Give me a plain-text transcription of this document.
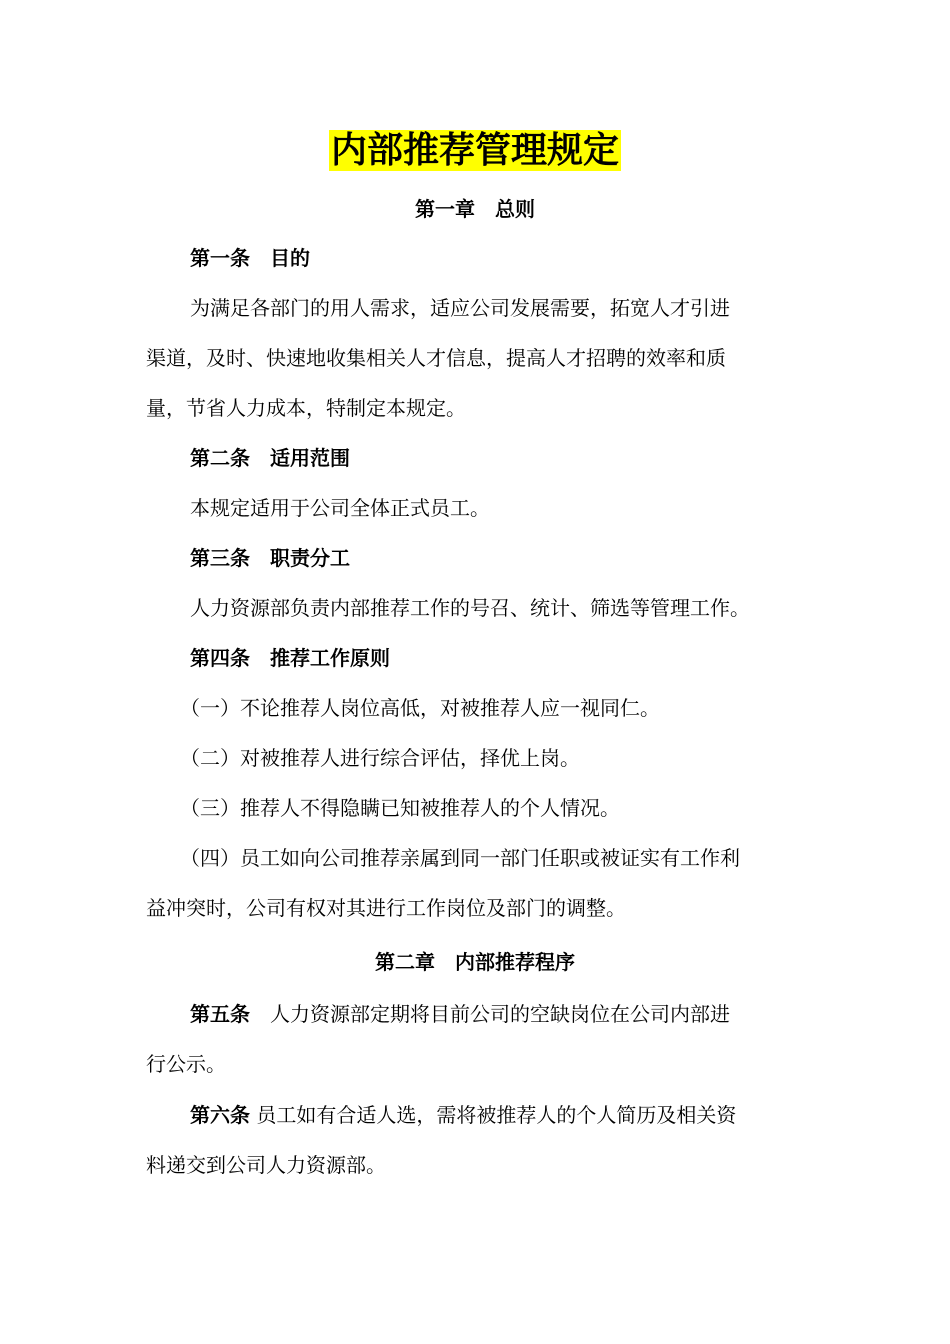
内部推荐管理规定
第一章　总则
第一条　目的
为满足各部门的用人需求，适应公司发展需要，拓宽人才引进
渠道，及时、快速地收集相关人才信息，提高人才招聘的效率和质
量，节省人力成本，特制定本规定。
第二条　适用范围
本规定适用于公司全体正式员工。
第三条　职责分工
人力资源部负责内部推荐工作的号召、统计、筛选等管理工作。
第四条　推荐工作原则
（一）不论推荐人岗位高低，对被推荐人应一视同仁。
（二）对被推荐人进行综合评估，择优上岗。
（三）推荐人不得隐瞒已知被推荐人的个人情况。
（四）员工如向公司推荐亲属到同一部门任职或被证实有工作利
益冲突时，公司有权对其进行工作岗位及部门的调整。
第二章　内部推荐程序
第五条　人力资源部定期将目前公司的空缺岗位在公司内部进
行公示。
第六条 员工如有合适人选，需将被推荐人的个人简历及相关资
料递交到公司人力资源部。
